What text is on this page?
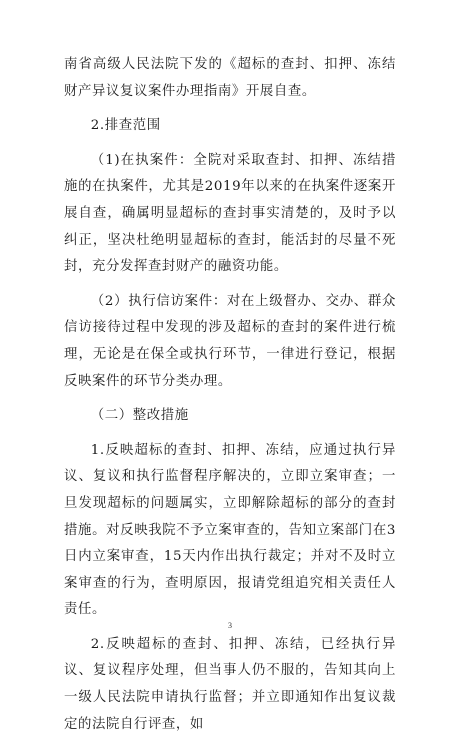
南省高级人民法院下发的《超标的查封、扣押、冻结财产异议复议案件办理指南》开展自查。

2.排查范围

（1)在执案件：全院对采取查封、扣押、冻结措施的在执案件，尤其是2019年以来的在执案件逐案开展自查，确属明显超标的查封事实清楚的，及时予以纠正，坚决杜绝明显超标的查封，能活封的尽量不死封，充分发挥查封财产的融资功能。

（2）执行信访案件：对在上级督办、交办、群众信访接待过程中发现的涉及超标的查封的案件进行梳理，无论是在保全或执行环节，一律进行登记，根据反映案件的环节分类办理。

（二）整改措施

1.反映超标的查封、扣押、冻结，应通过执行异议、复议和执行监督程序解决的，立即立案审查；一旦发现超标的问题属实，立即解除超标的部分的查封措施。对反映我院不予立案审查的，告知立案部门在3日内立案审查，15天内作出执行裁定；并对不及时立案审查的行为，查明原因，报请党组追究相关责任人责任。

2.反映超标的查封、扣押、冻结，已经执行异议、复议程序处理，但当事人仍不服的，告知其向上一级人民法院申请执行监督；并立即通知作出复议裁定的法院自行评查，如

3
